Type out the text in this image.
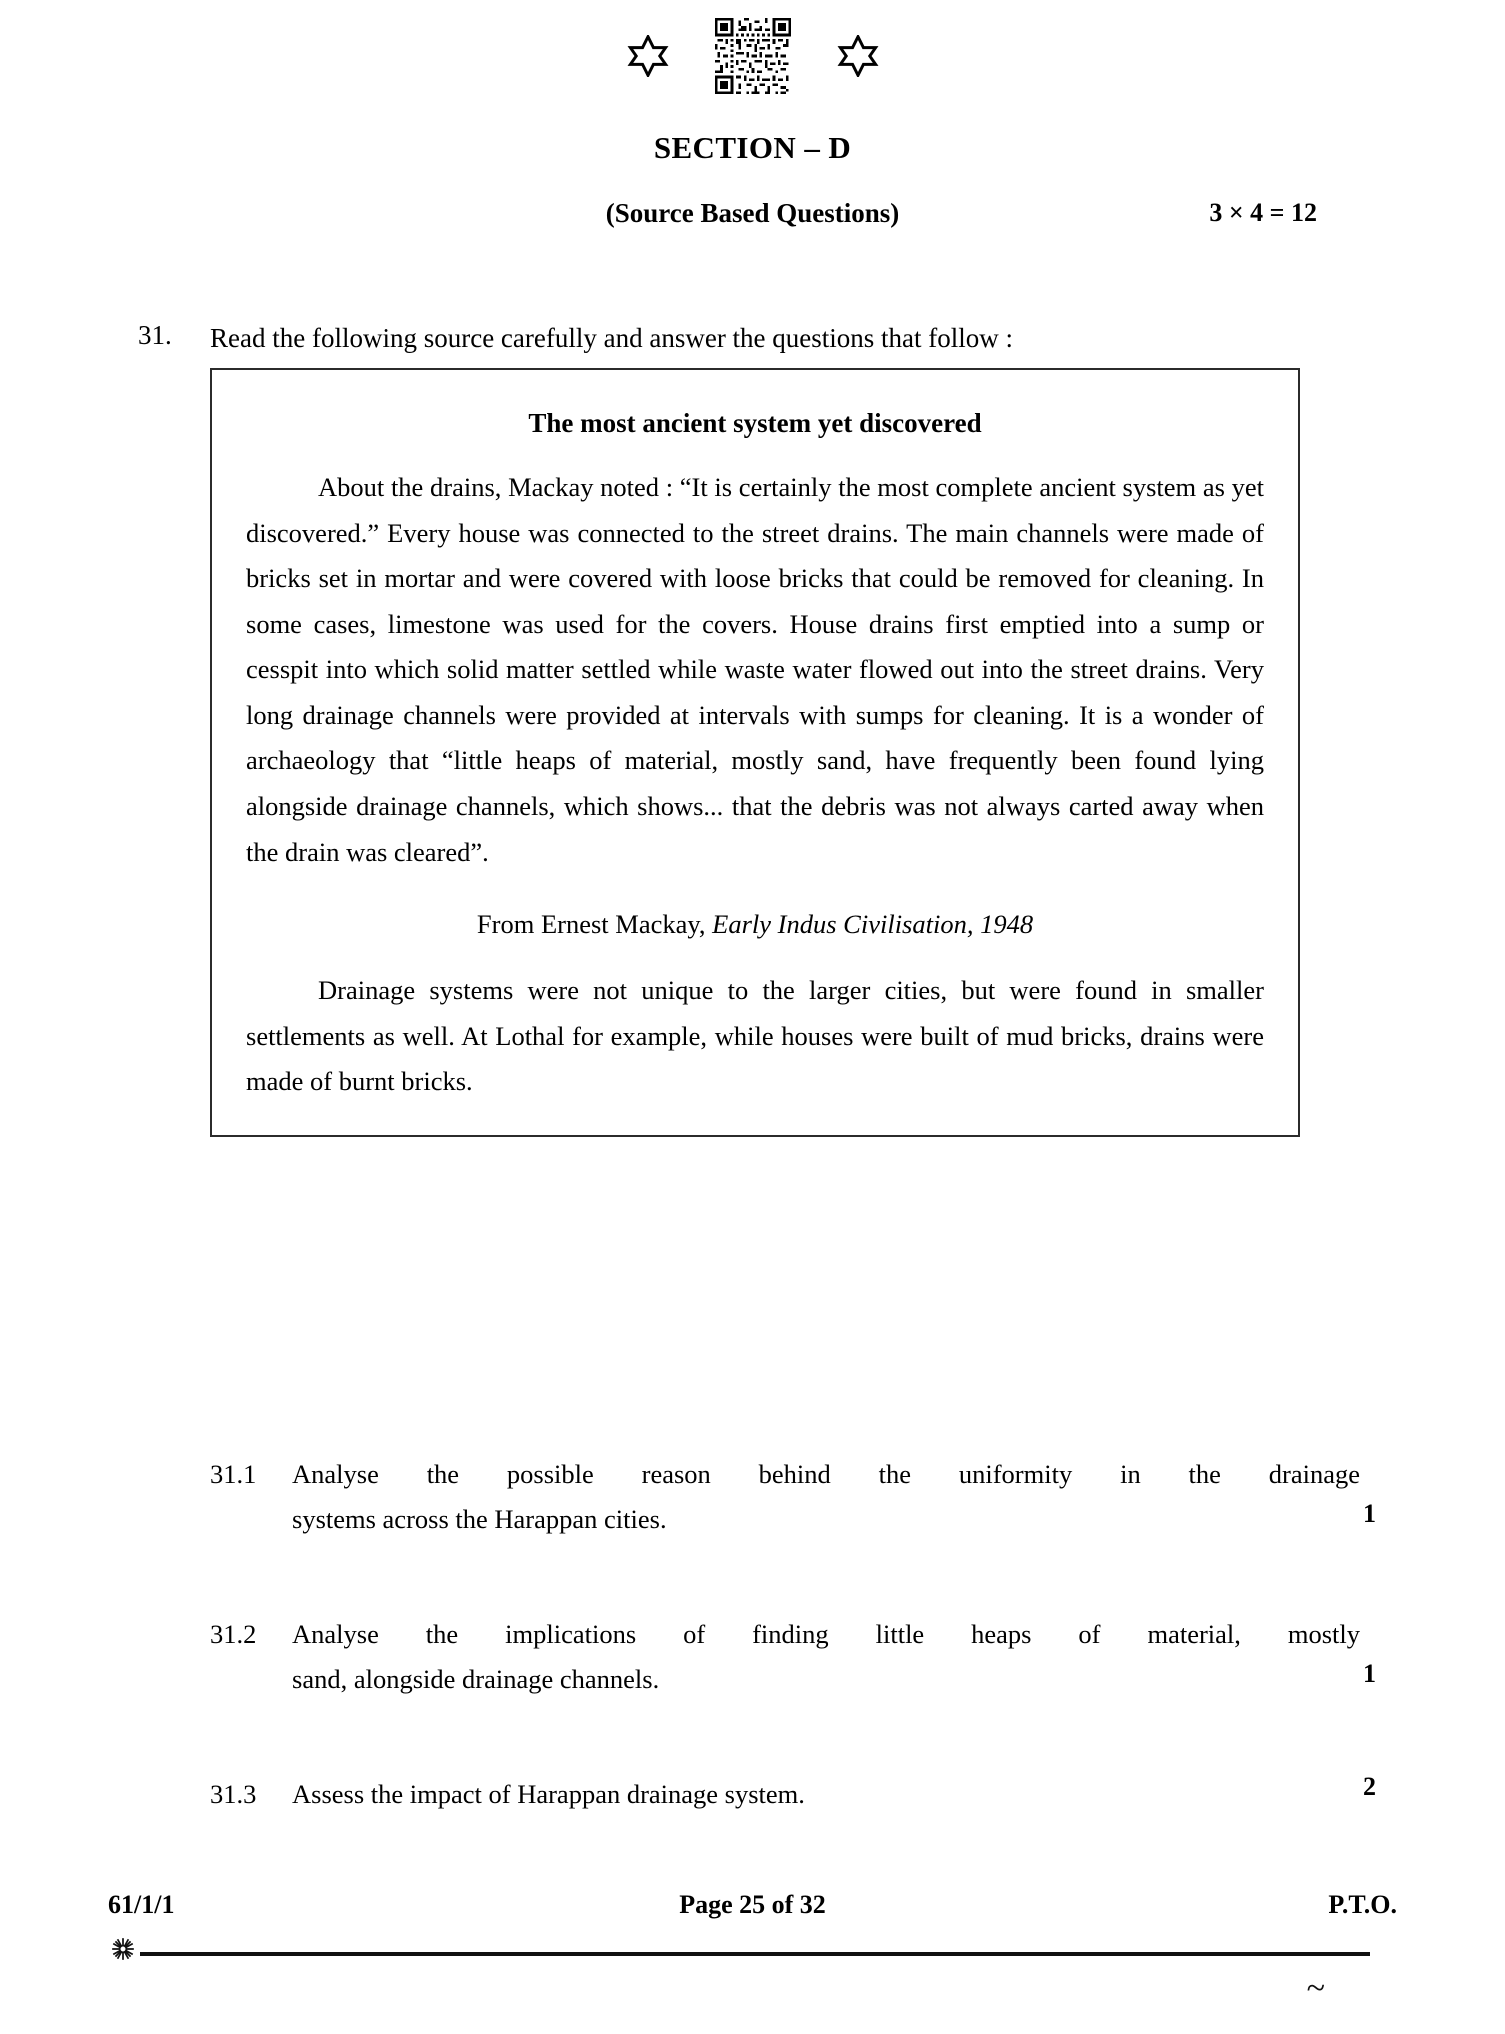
SECTION – D
(Source Based Questions)	3 × 4 = 12
31.	Read the following source carefully and answer the questions that follow :
The most ancient system yet discovered

About the drains, Mackay noted : “It is certainly the most complete ancient system as yet discovered.” Every house was connected to the street drains. The main channels were made of bricks set in mortar and were covered with loose bricks that could be removed for cleaning. In some cases, limestone was used for the covers. House drains first emptied into a sump or cesspit into which solid matter settled while waste water flowed out into the street drains. Very long drainage channels were provided at intervals with sumps for cleaning. It is a wonder of archaeology that “little heaps of material, mostly sand, have frequently been found lying alongside drainage channels, which shows... that the debris was not always carted away when the drain was cleared”.

From Ernest Mackay, Early Indus Civilisation, 1948

Drainage systems were not unique to the larger cities, but were found in smaller settlements as well. At Lothal for example, while houses were built of mud bricks, drains were made of burnt bricks.

31.1	Analyse the possible reason behind the uniformity in the drainage
systems across the Harappan cities.	1
31.2	Analyse the implications of finding little heaps of material, mostly
sand, alongside drainage channels.	1
31.3	Assess the impact of Harappan drainage system.	2
61/1/1	Page 25 of 32	P.T.O.
~
